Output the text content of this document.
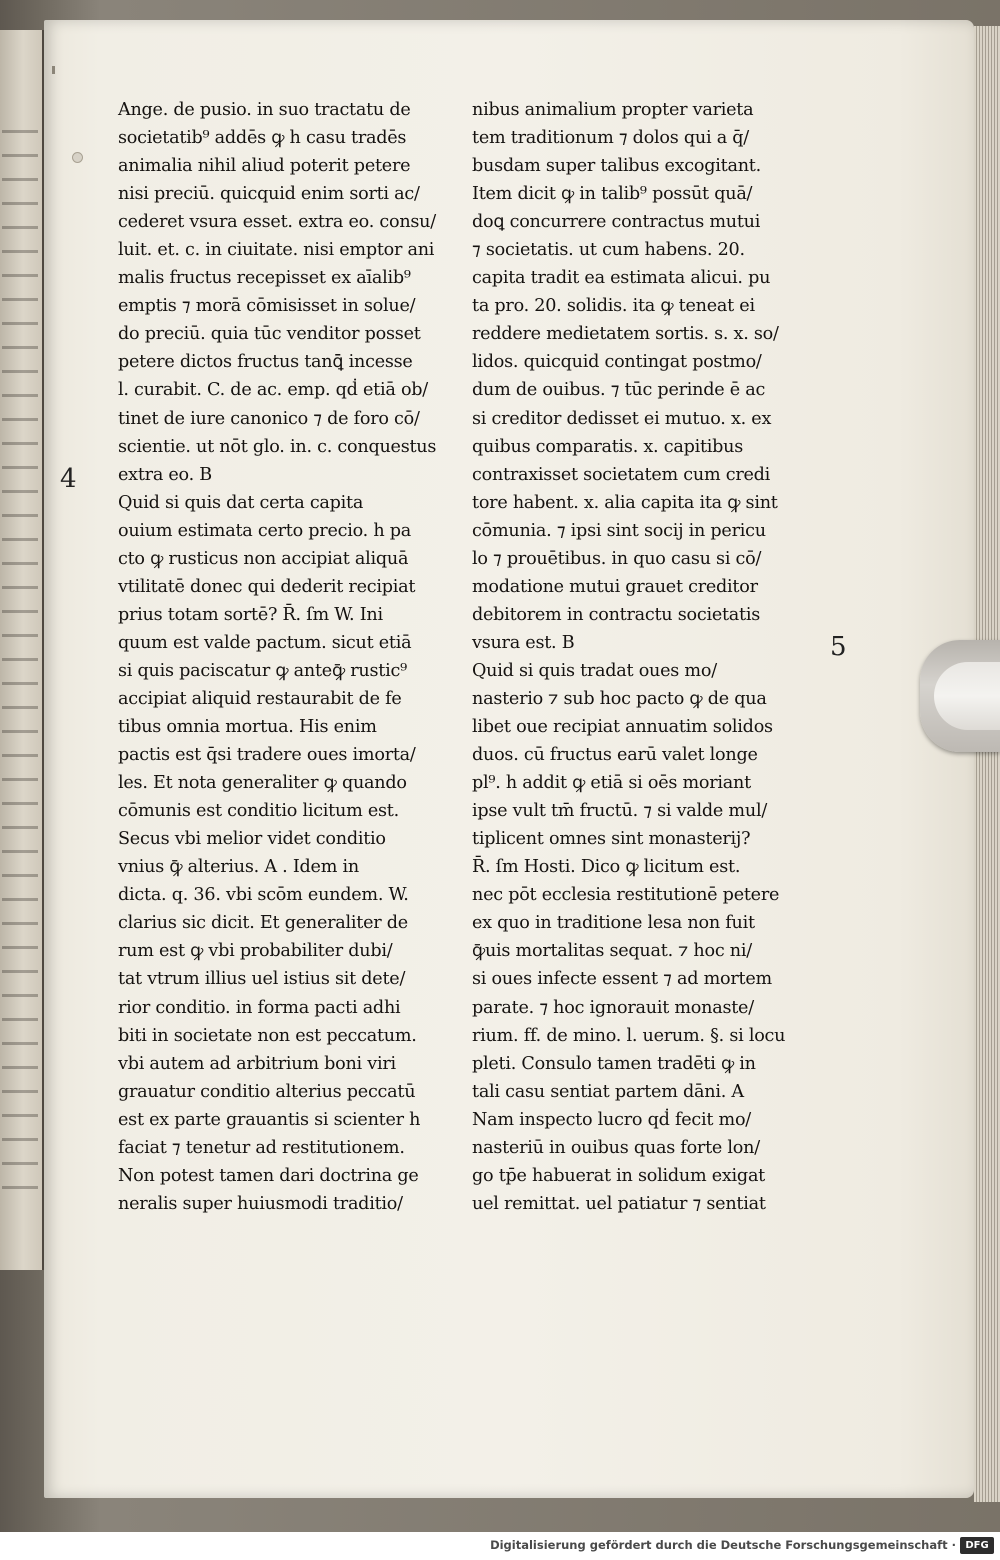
4
5
Ange. de pusio. in suo tractatu de
societatib⁹ addēs ꝙ h casu tradēs
animalia nihil aliud poterit petere
nisi preciū. quicquid enim sorti ac/
cederet vsura esset. extra eo. consu/
luit. et. c. in ciuitate. nisi emptor ani
malis fructus recepisset ex aīalib⁹
emptis ⁊ morā cōmisisset in solue/
do preciū. quia tūc venditor posset
petere dictos fructus tanꝗ̄ incesse
l. curabit. C. de ac. emp. qḋ etiā ob/
tinet de iure canonico ⁊ de foro cō/
scientie. ut nōt glo. in. c. conquestus
extra eo. B
Quid si quis dat certa capita
ouium estimata certo precio. h pa
cto ꝙ rusticus non accipiat aliquā
vtilitatē donec qui dederit recipiat
prius totam sortē? R̄. ſm W. Ini
quum est valde pactum. sicut etiā
si quis paciscatur ꝙ anteꝙ̄ rustic⁹
accipiat aliquid restaurabit de fe
tibus omnia mortua. His enim
pactis est q̄si tradere oues imorta/
les. Et nota generaliter ꝙ quando
cōmunis est conditio licitum est.
Secus vbi melior videt conditio
vnius ꝙ̄ alterius. A . Idem in
dicta. q. 36. vbi scōm eundem. W.
clarius sic dicit. Et generaliter de
rum est ꝙ vbi probabiliter dubi/
tat vtrum illius uel istius sit dete/
rior conditio. in forma pacti adhi
biti in societate non est peccatum.
vbi autem ad arbitrium boni viri
grauatur conditio alterius peccatū
est ex parte grauantis si scienter h
faciat ⁊ tenetur ad restitutionem.
Non potest tamen dari doctrina ge
neralis super huiusmodi traditio/
nibus animalium propter varieta
tem traditionum ⁊ dolos qui a q̄/
busdam super talibus excogitant.
Item dicit ꝙ in talib⁹ possūt quā/
doꝗ concurrere contractus mutui
⁊ societatis. ut cum habens. 20.
capita tradit ea estimata alicui. pu
ta pro. 20. solidis. ita ꝙ teneat ei
reddere medietatem sortis. s. x. so/
lidos. quicquid contingat postmo/
dum de ouibus. ⁊ tūc perinde ē ac
si creditor dedisset ei mutuo. x. ex
quibus comparatis. x. capitibus
contraxisset societatem cum credi
tore habent. x. alia capita ita ꝙ sint
cōmunia. ⁊ ipsi sint socij in pericu
lo ⁊ prouētibus. in quo casu si cō/
modatione mutui grauet creditor
debitorem in contractu societatis
vsura est. B
Quid si quis tradat oues mo/
nasterio ⁊ sub hoc pacto ꝙ de qua
libet oue recipiat annuatim solidos
duos. cū fructus earū valet longe
pl⁹. h addit ꝙ etiā si oēs moriant
ipse vult tm̄ fructū. ⁊ si valde mul/
tiplicent omnes sint monasterij?
R̄. ſm Hosti. Dico ꝙ licitum est.
nec pōt ecclesia restitutionē petere
ex quo in traditione lesa non fuit
ꝙ̄uis mortalitas sequat. ⁊ hoc ni/
si oues infecte essent ⁊ ad mortem
parate. ⁊ hoc ignorauit monaste/
rium. ff. de mino. l. uerum. §. si locu
pleti. Consulo tamen tradēti ꝙ in
tali casu sentiat partem dāni. A
Nam inspecto lucro qḋ fecit mo/
nasteriū in ouibus quas forte lon/
go tp̄e habuerat in solidum exigat
uel remittat. uel patiatur ⁊ sentiat
Digitalisierung gefördert durch die Deutsche Forschungsgemeinschaft · DFG
